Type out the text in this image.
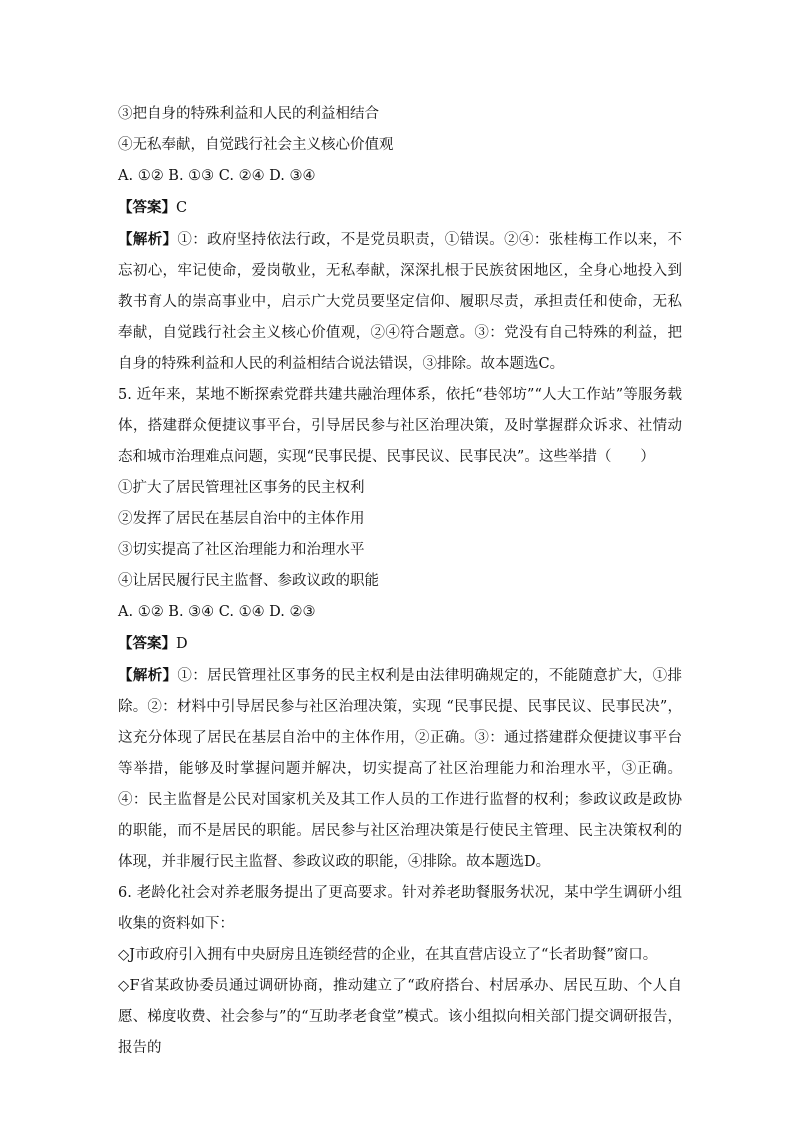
③把自身的特殊利益和人民的利益相结合

④无私奉献，自觉践行社会主义核心价值观

A. ①② B. ①③ C. ②④ D. ③④

【答案】C

【解析】①：政府坚持依法行政，不是党员职责，①错误。②④：张桂梅工作以来，不忘初心，牢记使命，爱岗敬业，无私奉献，深深扎根于民族贫困地区，全身心地投入到教书育人的崇高事业中，启示广大党员要坚定信仰、履职尽责，承担责任和使命，无私奉献，自觉践行社会主义核心价值观，②④符合题意。③：党没有自己特殊的利益，把自身的特殊利益和人民的利益相结合说法错误，③排除。故本题选C。

5. 近年来，某地不断探索党群共建共融治理体系，依托“巷邻坊”“人大工作站”等服务载体，搭建群众便捷议事平台，引导居民参与社区治理决策，及时掌握群众诉求、社情动态和城市治理难点问题，实现“民事民提、民事民议、民事民决”。这些举措（　　）

①扩大了居民管理社区事务的民主权利

②发挥了居民在基层自治中的主体作用

③切实提高了社区治理能力和治理水平

④让居民履行民主监督、参政议政的职能

A. ①② B. ③④ C. ①④ D. ②③

【答案】D

【解析】①：居民管理社区事务的民主权利是由法律明确规定的，不能随意扩大，①排除。②：材料中引导居民参与社区治理决策，实现 “民事民提、民事民议、民事民决”，这充分体现了居民在基层自治中的主体作用，②正确。③：通过搭建群众便捷议事平台等举措，能够及时掌握问题并解决，切实提高了社区治理能力和治理水平，③正确。④：民主监督是公民对国家机关及其工作人员的工作进行监督的权利；参政议政是政协的职能，而不是居民的职能。居民参与社区治理决策是行使民主管理、民主决策权利的体现，并非履行民主监督、参政议政的职能，④排除。故本题选D。

6. 老龄化社会对养老服务提出了更高要求。针对养老助餐服务状况，某中学生调研小组收集的资料如下：

◇J市政府引入拥有中央厨房且连锁经营的企业，在其直营店设立了“长者助餐”窗口。

◇F省某政协委员通过调研协商，推动建立了“政府搭台、村居承办、居民互助、个人自愿、梯度收费、社会参与”的“互助孝老食堂”模式。该小组拟向相关部门提交调研报告，报告的
